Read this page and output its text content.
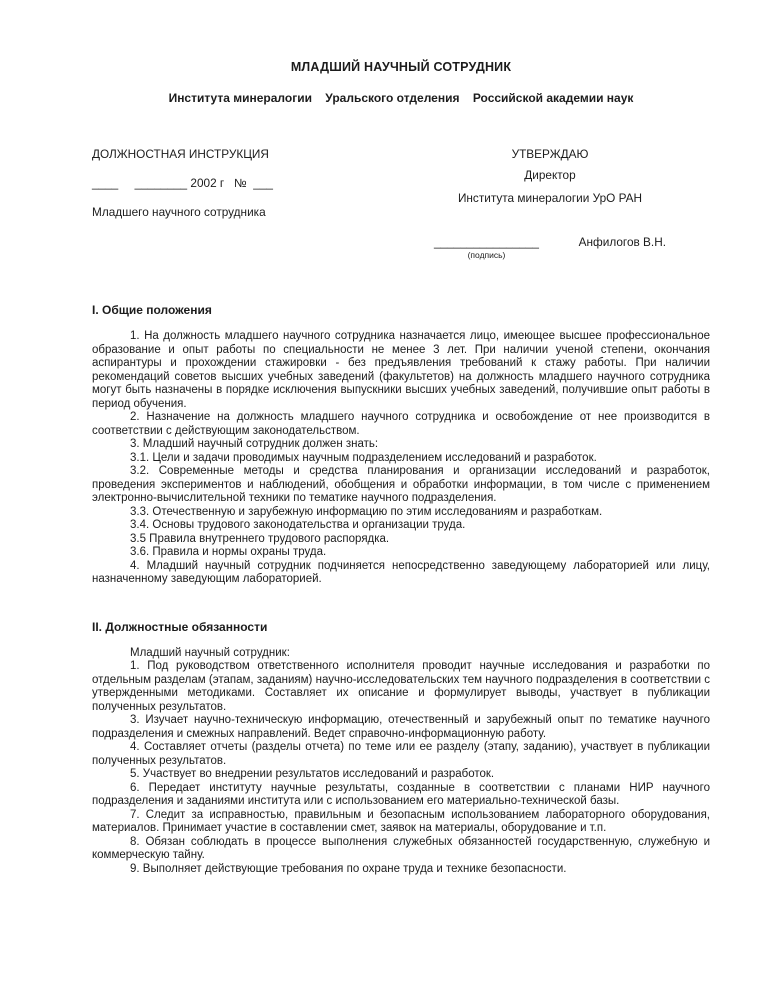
МЛАДШИЙ НАУЧНЫЙ СОТРУДНИК
Института минералогии    Уральского отделения    Российской академии наук
ДОЛЖНОСТНАЯ ИНСТРУКЦИЯ
____     ________ 2002 г   №  ___
Младшего научного сотрудника
УТВЕРЖДАЮ
Директор
Института минералогии УрО РАН
________________
(подпись)
Анфилогов В.Н.
I. Общие положения

1. На должность младшего научного сотрудника назначается лицо, имеющее высшее профессиональное образование и опыт работы по специальности не менее 3 лет. При наличии ученой степени, окончания аспирантуры и прохождении стажировки - без предъявления требований к стажу работы. При наличии рекомендаций советов высших учебных заведений (факультетов) на должность младшего научного сотрудника могут быть назначены в порядке исключения выпускники высших учебных заведений, получившие опыт работы в период обучения.

2. Назначение на должность младшего научного сотрудника и освобождение от нее производится в соответствии с действующим законодательством.

3. Младший научный сотрудник должен знать:

3.1. Цели и задачи проводимых научным подразделением исследований и разработок.

3.2. Современные методы и средства планирования и организации исследований и разработок, проведения экспериментов и наблюдений, обобщения и обработки информации, в том числе с применением электронно-вычислительной техники по тематике научного подразделения.

3.3. Отечественную и зарубежную информацию по этим исследованиям и разработкам.

3.4. Основы трудового законодательства и организации труда.

3.5 Правила внутреннего трудового распорядка.

3.6. Правила и нормы охраны труда.

4. Младший научный сотрудник подчиняется непосредственно заведующему лабораторией или лицу, назначенному заведующим лабораторией.

II. Должностные обязанности

Младший научный сотрудник:

1. Под руководством ответственного исполнителя проводит научные исследования и разработки по отдельным разделам (этапам, заданиям) научно-исследовательских тем научного подразделения в соответствии с утвержденными методиками. Составляет их описание и формулирует выводы, участвует в публикации полученных результатов.

3. Изучает научно-техническую информацию, отечественный и зарубежный опыт по тематике научного подразделения и смежных направлений. Ведет справочно-информационную работу.

4. Составляет отчеты (разделы отчета) по теме или ее разделу (этапу, заданию), участвует в публикации полученных результатов.

5. Участвует во внедрении результатов исследований и разработок.

6. Передает институту научные результаты, созданные в соответствии с планами НИР научного подразделения и заданиями института или с использованием его материально-технической базы.

7. Следит за исправностью, правильным и безопасным использованием лабораторного оборудования, материалов. Принимает участие в составлении смет, заявок на материалы, оборудование и т.п.

8. Обязан соблюдать в процессе выполнения служебных обязанностей государственную, служебную и коммерческую тайну.

9. Выполняет действующие требования по охране труда и технике безопасности.
